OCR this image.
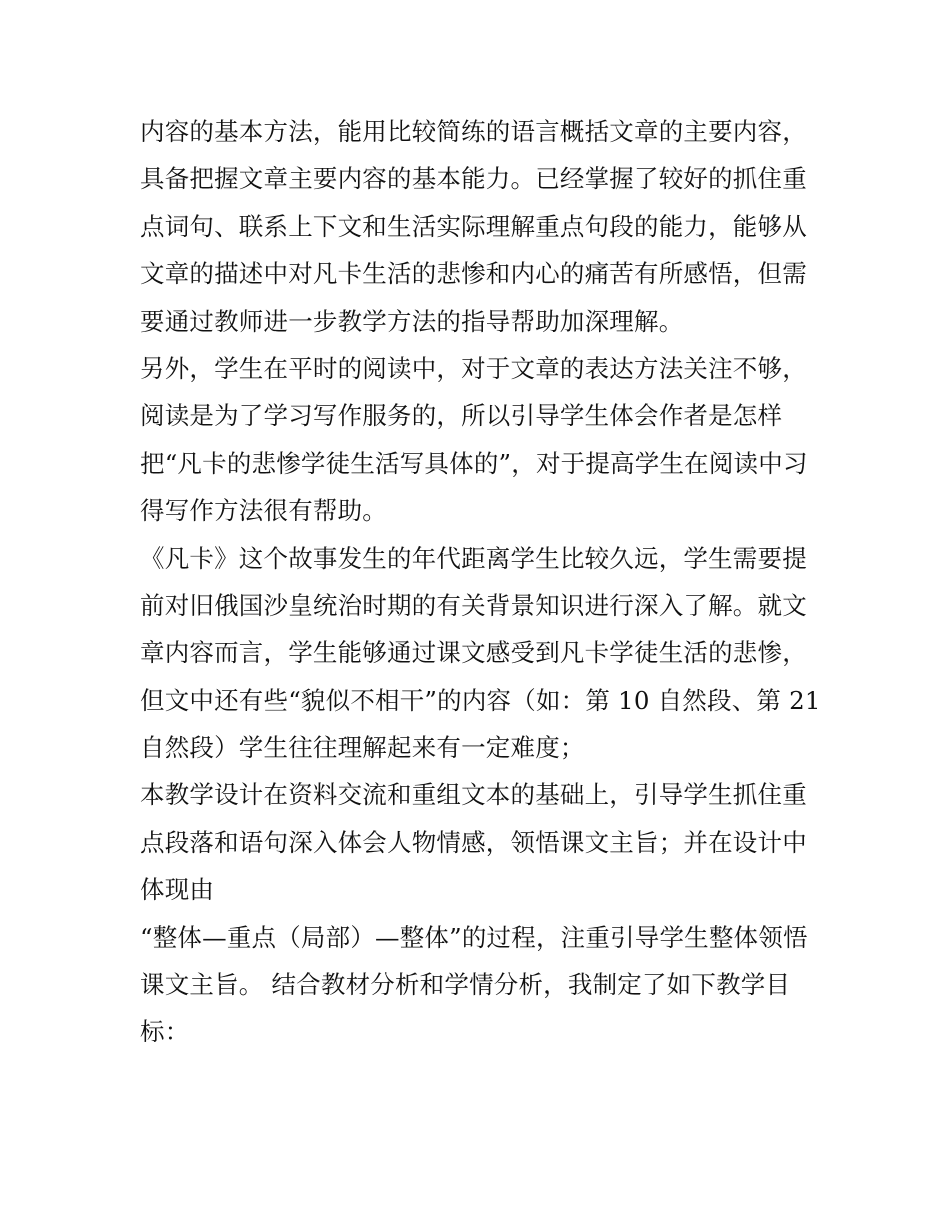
内容的基本方法，能用比较简练的语言概括文章的主要内容，
具备把握文章主要内容的基本能力。已经掌握了较好的抓住重
点词句、联系上下文和生活实际理解重点句段的能力，能够从
文章的描述中对凡卡生活的悲惨和内心的痛苦有所感悟，但需
要通过教师进一步教学方法的指导帮助加深理解。
另外，学生在平时的阅读中，对于文章的表达方法关注不够，
阅读是为了学习写作服务的，所以引导学生体会作者是怎样
把“凡卡的悲惨学徒生活写具体的”，对于提高学生在阅读中习
得写作方法很有帮助。
《凡卡》这个故事发生的年代距离学生比较久远，学生需要提
前对旧俄国沙皇统治时期的有关背景知识进行深入了解。就文
章内容而言，学生能够通过课文感受到凡卡学徒生活的悲惨，
但文中还有些“貌似不相干”的内容（如：第 10 自然段、第 21
自然段）学生往往理解起来有一定难度；
本教学设计在资料交流和重组文本的基础上，引导学生抓住重
点段落和语句深入体会人物情感，领悟课文主旨；并在设计中
体现由
“整体—重点（局部）—整体”的过程，注重引导学生整体领悟
课文主旨。 结合教材分析和学情分析，我制定了如下教学目
标：
